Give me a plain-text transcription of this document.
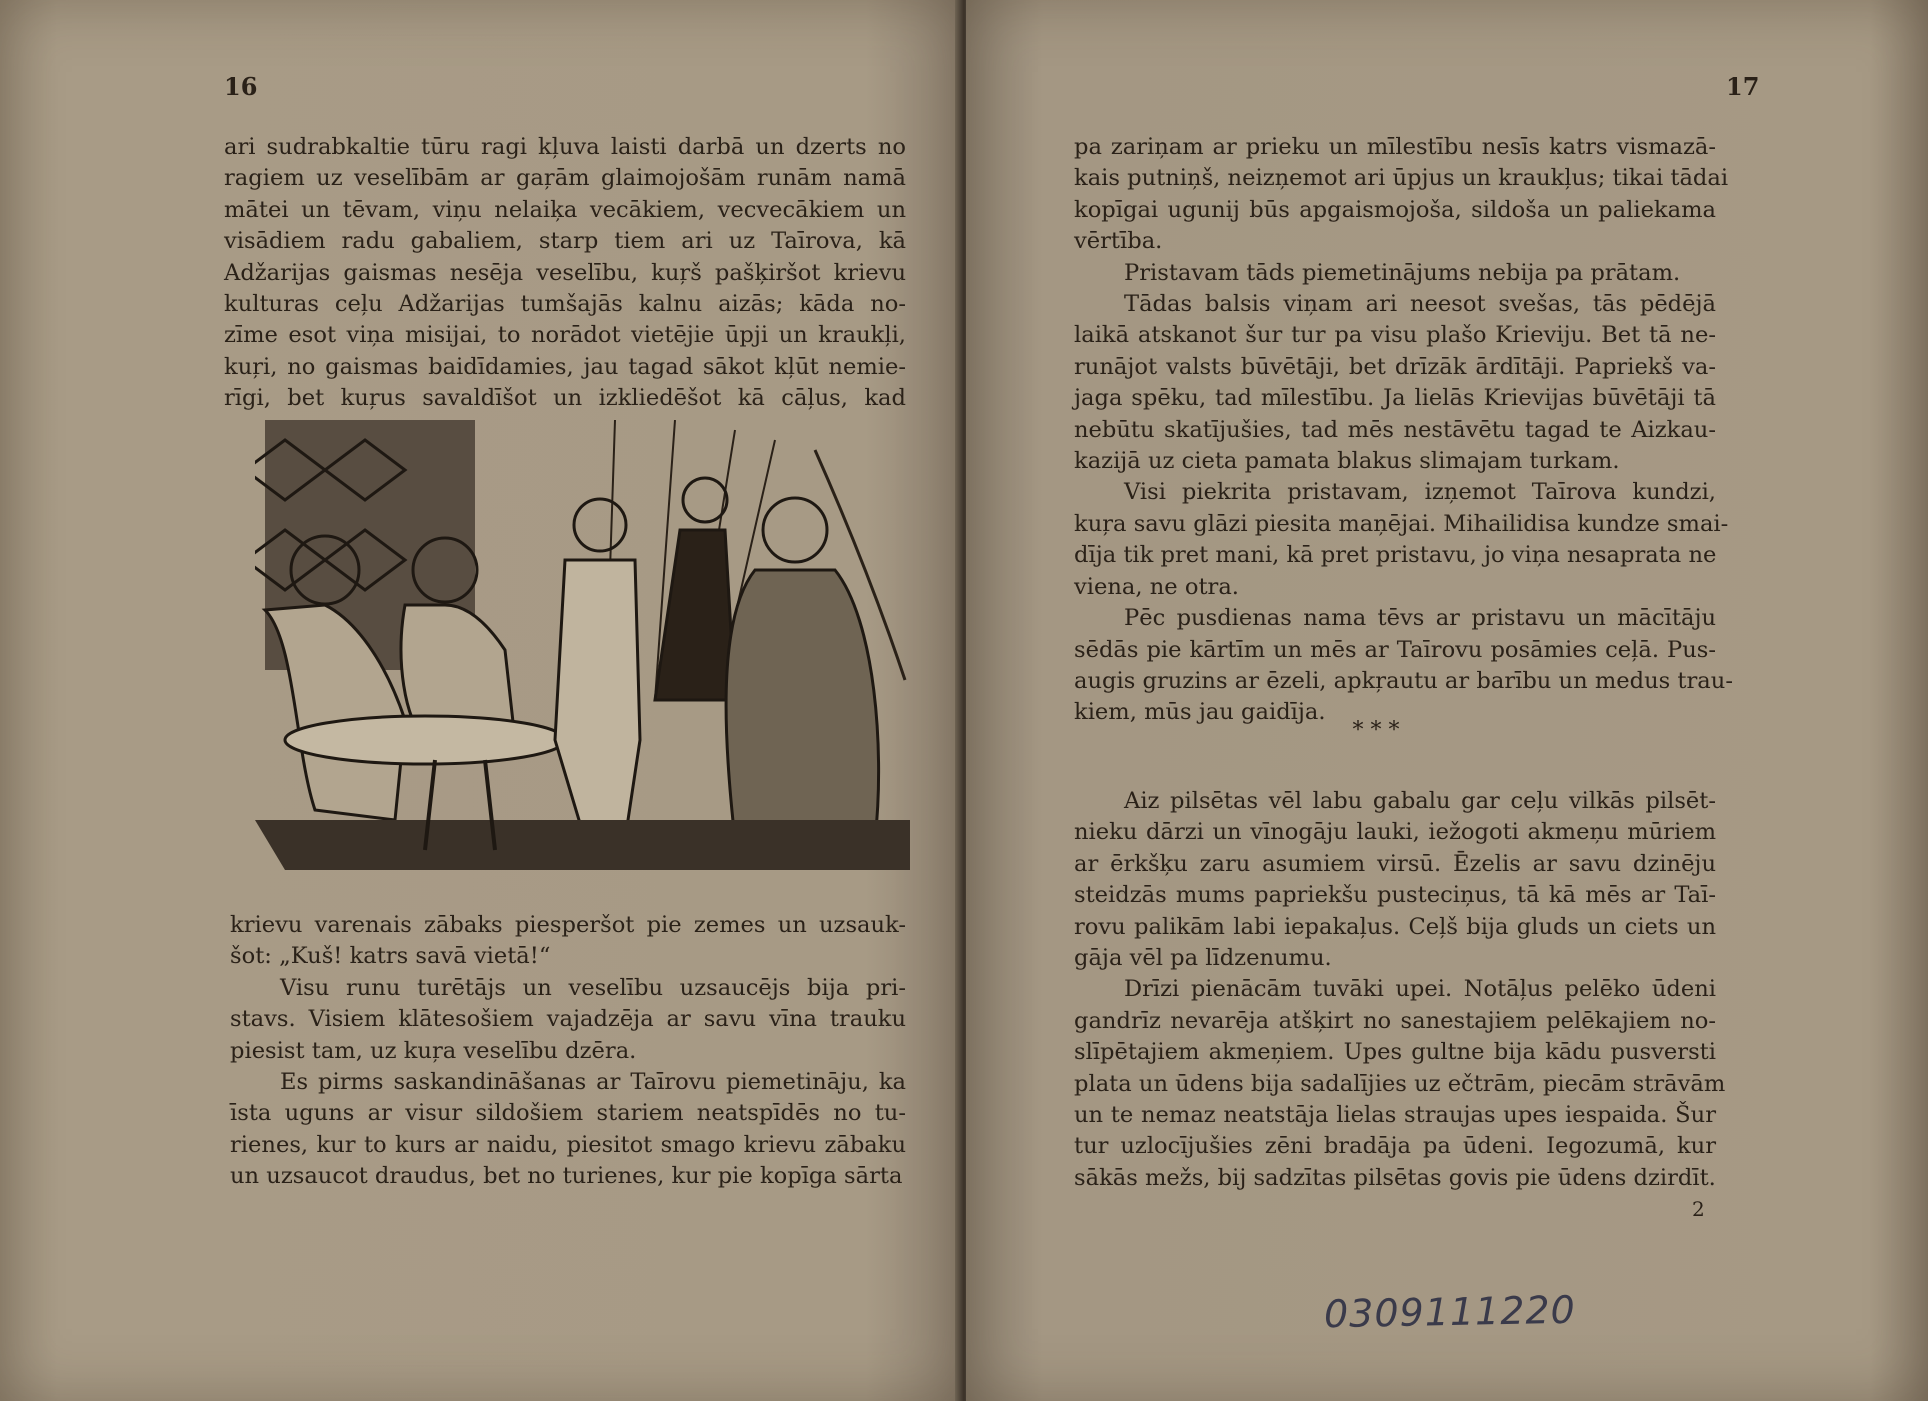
16
ari sudrabkaltie tūru ragi kļuva laisti darbā un dzerts no
ragiem uz veselībām ar gaŗām glaimojošām runām namā
mātei un tēvam, viņu nelaiķa vecākiem, vecvecākiem un
visādiem radu gabaliem, starp tiem ari uz Taīrova, kā
Adžarijas gaismas nesēja veselību, kuŗš pašķiršot krievu
kulturas ceļu Adžarijas tumšajās kalnu aizās; kāda no-
zīme esot viņa misijai, to norādot vietējie ūpji un kraukļi,
kuŗi, no gaismas baidīdamies, jau tagad sākot kļūt nemie-
rīgi, bet kuŗus savaldīšot un izkliedēšot kā cāļus, kad
krievu varenais zābaks piesperšot pie zemes un uzsauk-
šot: „Kuš! katrs savā vietā!“
Visu runu turētājs un veselību uzsaucējs bija pri-
stavs. Visiem klātesošiem vajadzēja ar savu vīna trauku
piesist tam, uz kuŗa veselību dzēra.
Es pirms saskandināšanas ar Taīrovu piemetināju, ka
īsta uguns ar visur sildošiem stariem neatspīdēs no tu-
rienes, kur to kurs ar naidu, piesitot smago krievu zābaku
un uzsaucot draudus, bet no turienes, kur pie kopīga sārta
17
pa zariņam ar prieku un mīlestību nesīs katrs vismazā-
kais putniņš, neizņemot ari ūpjus un kraukļus; tikai tādai
kopīgai ugunij būs apgaismojoša, sildoša un paliekama
vērtība.
Pristavam tāds piemetinājums nebija pa prātam.
Tādas balsis viņam ari neesot svešas, tās pēdējā
laikā atskanot šur tur pa visu plašo Krieviju. Bet tā ne-
runājot valsts būvētāji, bet drīzāk ārdītāji. Papriekš va-
jaga spēku, tad mīlestību. Ja lielās Krievijas būvētāji tā
nebūtu skatījušies, tad mēs nestāvētu tagad te Aizkau-
kazijā uz cieta pamata blakus slimajam turkam.
Visi piekrita pristavam, izņemot Taīrova kundzi,
kuŗa savu glāzi piesita maņējai. Mihailidisa kundze smai-
dīja tik pret mani, kā pret pristavu, jo viņa nesaprata ne
viena, ne otra.
Pēc pusdienas nama tēvs ar pristavu un mācītāju
sēdās pie kārtīm un mēs ar Taīrovu posāmies ceļā. Pus-
augis gruzins ar ēzeli, apkŗautu ar barību un medus trau-
kiem, mūs jau gaidīja.
* * *
Aiz pilsētas vēl labu gabalu gar ceļu vilkās pilsēt-
nieku dārzi un vīnogāju lauki, iežogoti akmeņu mūriem
ar ērkšķu zaru asumiem virsū. Ēzelis ar savu dzinēju
steidzās mums papriekšu pusteciņus, tā kā mēs ar Taī-
rovu palikām labi iepakaļus. Ceļš bija gluds un ciets un
gāja vēl pa līdzenumu.
Drīzi pienācām tuvāki upei. Notāļus pelēko ūdeni
gandrīz nevarēja atšķirt no sanestajiem pelēkajiem no-
slīpētajiem akmeņiem. Upes gultne bija kādu pusversti
plata un ūdens bija sadalījies uz ečtrām, piecām strāvām
un te nemaz neatstāja lielas straujas upes iespaida. Šur
tur uzlocījušies zēni bradāja pa ūdeni. Iegozumā, kur
sākās mežs, bij sadzītas pilsētas govis pie ūdens dzirdīt.
2
0309111220
